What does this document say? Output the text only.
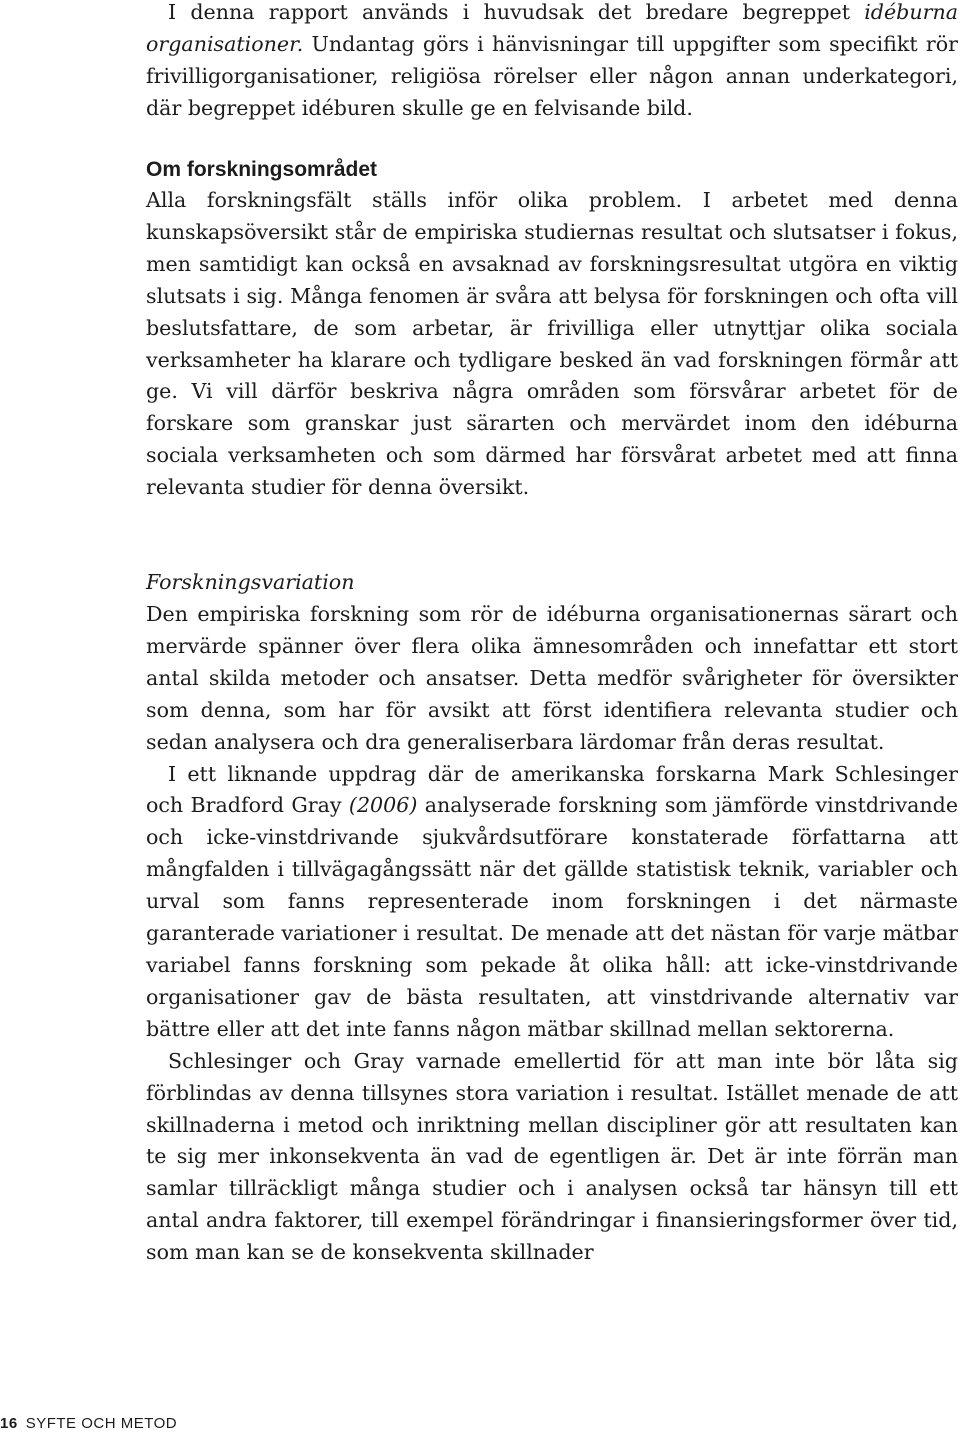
I denna rapport används i huvudsak det bredare begreppet idéburna organisationer. Undantag görs i hänvisningar till uppgifter som specifikt rör frivilligorganisationer, religiösa rörelser eller någon annan underkategori, där begreppet idéburen skulle ge en felvisande bild.

Om forskningsområdet

Alla forskningsfält ställs inför olika problem. I arbetet med denna kunskapsöversikt står de empiriska studiernas resultat och slutsatser i fokus, men samtidigt kan också en avsaknad av forskningsresultat utgöra en viktig slutsats i sig. Många fenomen är svåra att belysa för forskningen och ofta vill beslutsfattare, de som arbetar, är frivilliga eller utnyttjar olika sociala verksamheter ha klarare och tydligare besked än vad forskningen förmår att ge. Vi vill därför beskriva några områden som försvårar arbetet för de forskare som granskar just särarten och mervärdet inom den idéburna sociala verksamheten och som därmed har försvårat arbetet med att finna relevanta studier för denna översikt.

Forskningsvariation

Den empiriska forskning som rör de idéburna organisationernas särart och mervärde spänner över flera olika ämnesområden och innefattar ett stort antal skilda metoder och ansatser. Detta medför svårigheter för översikter som denna, som har för avsikt att först identifiera relevanta studier och sedan analysera och dra generaliserbara lärdomar från deras resultat.

I ett liknande uppdrag där de amerikanska forskarna Mark Schlesinger och Bradford Gray (2006) analyserade forskning som jämförde vinstdrivande och icke-vinstdrivande sjukvårdsutförare konstaterade författarna att mångfalden i tillvägagångssätt när det gällde statistisk teknik, variabler och urval som fanns representerade inom forskningen i det närmaste garanterade variationer i resultat. De menade att det nästan för varje mätbar variabel fanns forskning som pekade åt olika håll: att icke-vinstdrivande organisationer gav de bästa resultaten, att vinstdrivande alternativ var bättre eller att det inte fanns någon mätbar skillnad mellan sektorerna.

Schlesinger och Gray varnade emellertid för att man inte bör låta sig förblindas av denna tillsynes stora variation i resultat. Istället menade de att skillnaderna i metod och inriktning mellan discipliner gör att resultaten kan te sig mer inkonsekventa än vad de egentligen är. Det är inte förrän man samlar tillräckligt många studier och i analysen också tar hänsyn till ett antal andra faktorer, till exempel förändringar i finansieringsformer över tid, som man kan se de konsekventa skillnader

16 SYFTE OCH METOD
